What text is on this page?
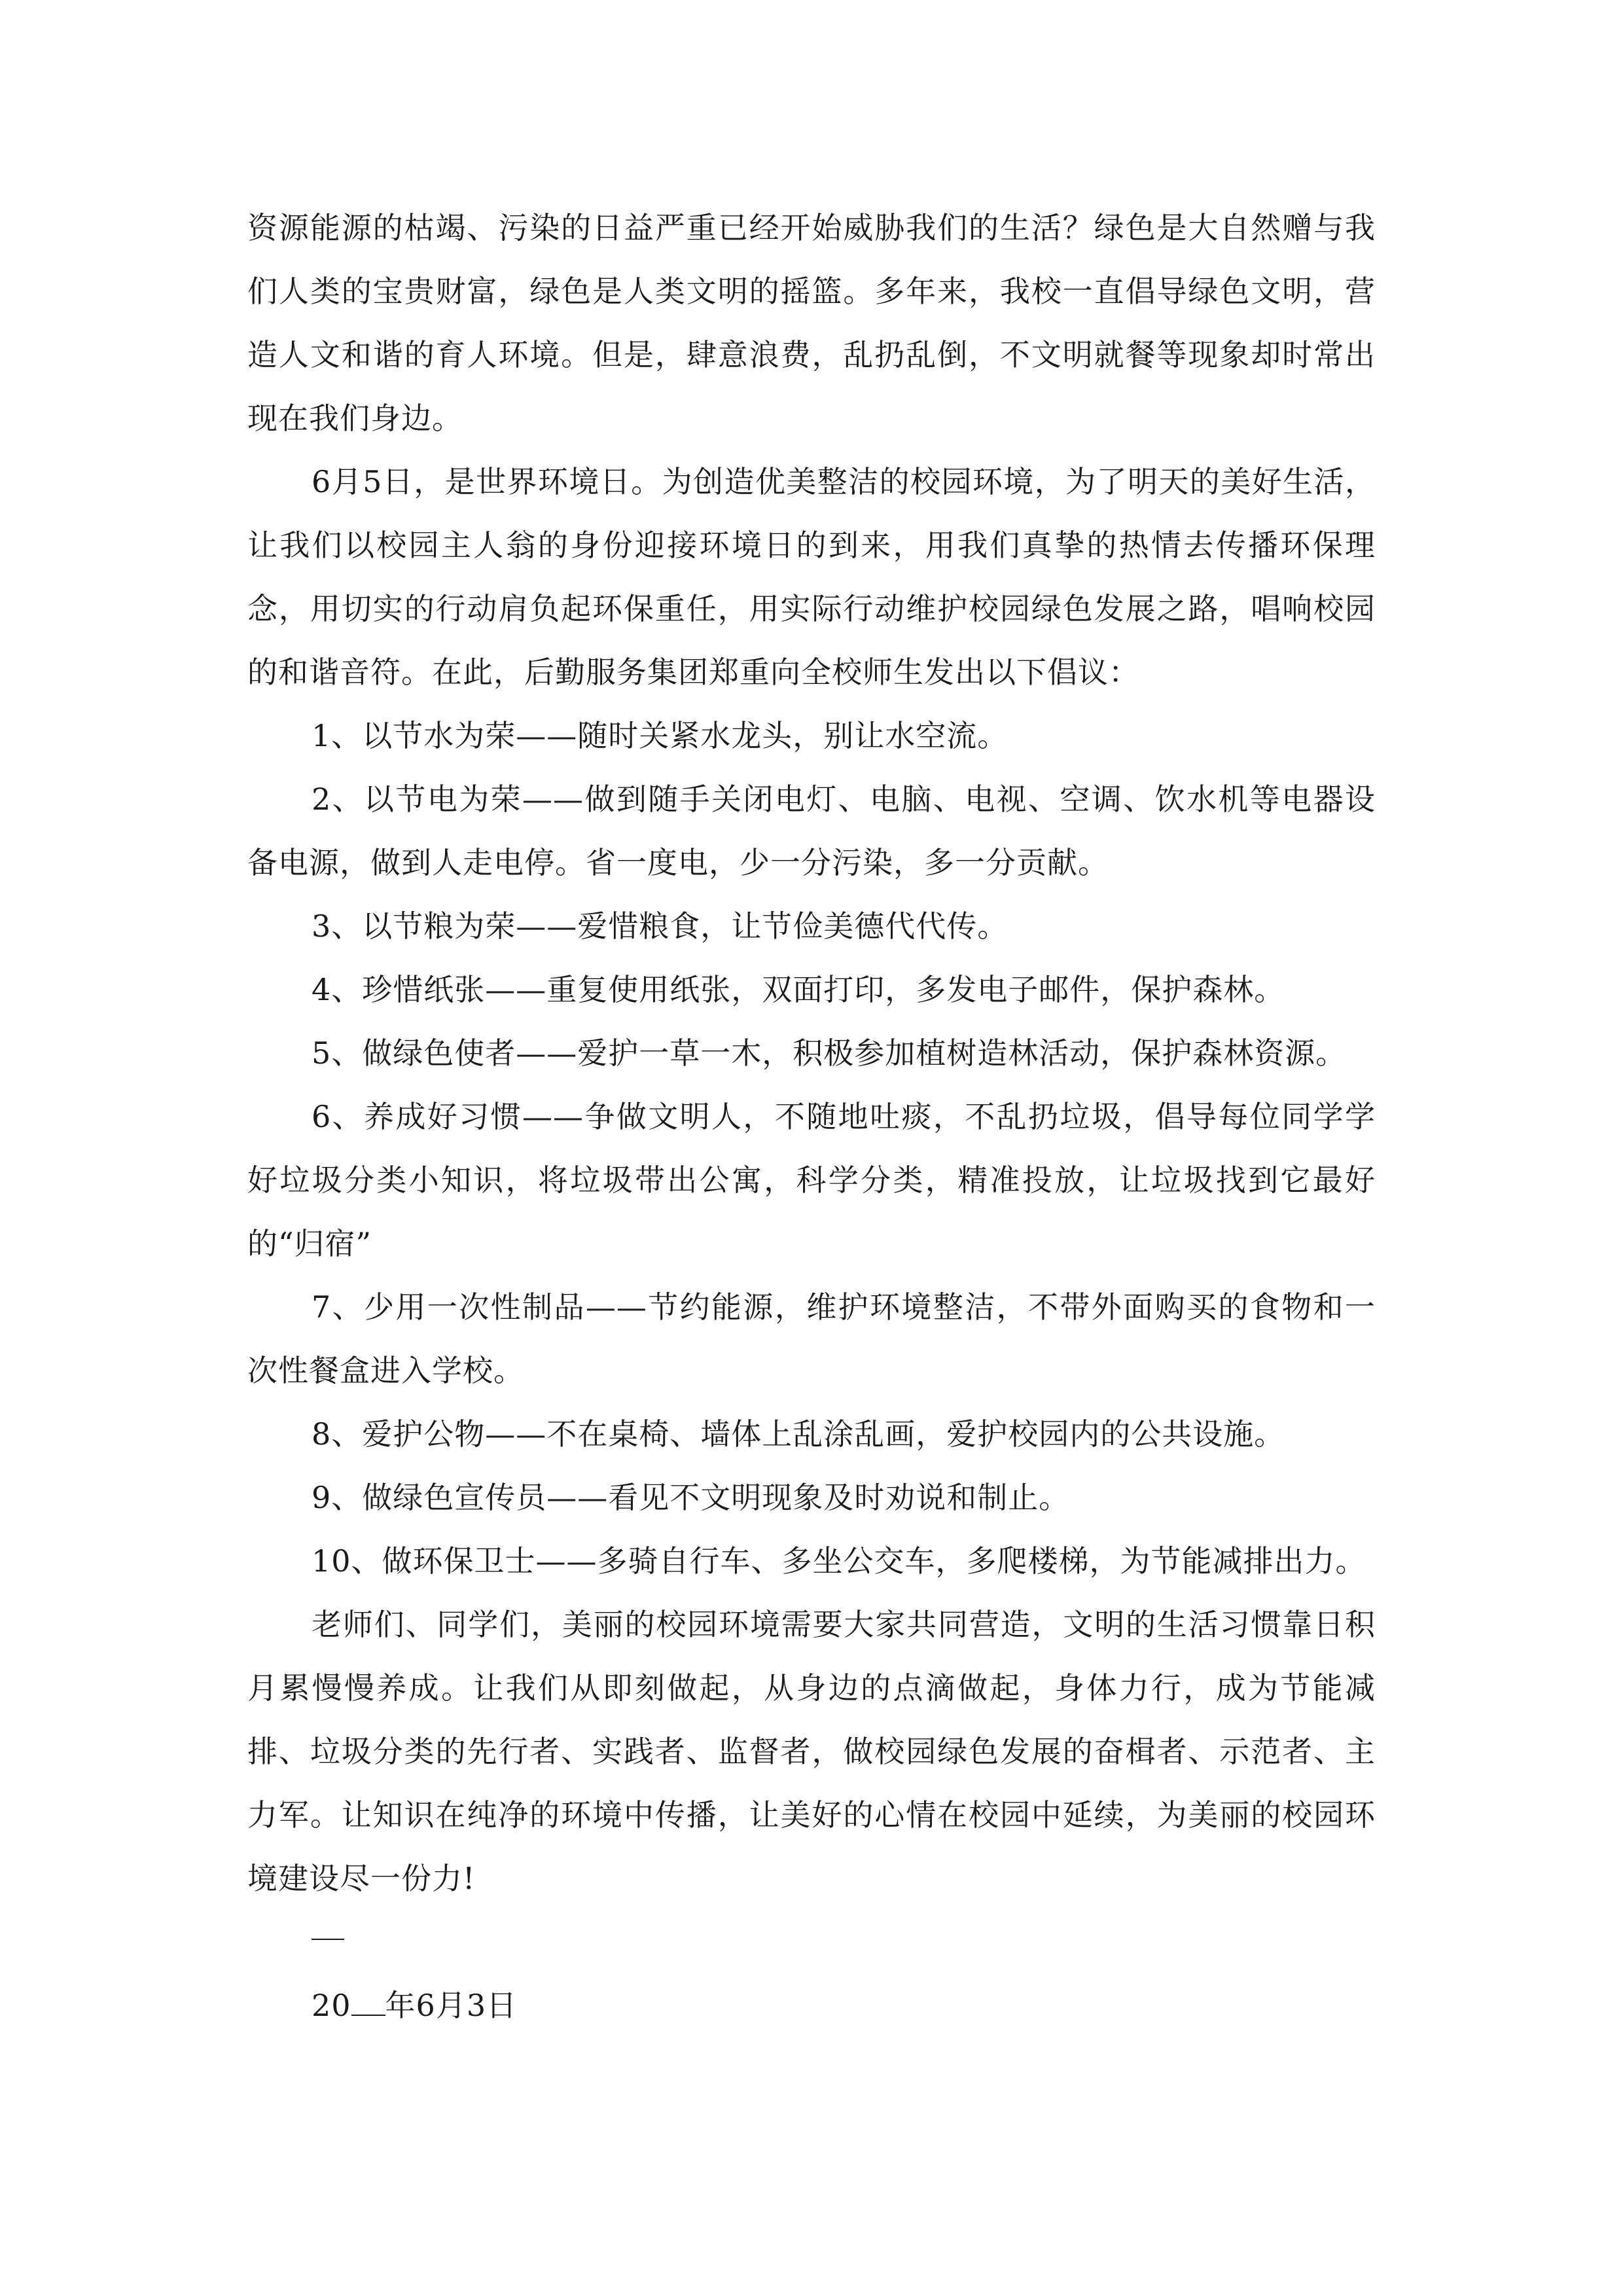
资源能源的枯竭、污染的日益严重已经开始威胁我们的生活？绿色是大自然赠与我们人类的宝贵财富，绿色是人类文明的摇篮。多年来，我校一直倡导绿色文明，营造人文和谐的育人环境。但是，肆意浪费，乱扔乱倒，不文明就餐等现象却时常出现在我们身边。

6月5日，是世界环境日。为创造优美整洁的校园环境，为了明天的美好生活，让我们以校园主人翁的身份迎接环境日的到来，用我们真挚的热情去传播环保理念，用切实的行动肩负起环保重任，用实际行动维护校园绿色发展之路，唱响校园的和谐音符。在此，后勤服务集团郑重向全校师生发出以下倡议：

1、以节水为荣——随时关紧水龙头，别让水空流。

2、以节电为荣——做到随手关闭电灯、电脑、电视、空调、饮水机等电器设备电源，做到人走电停。省一度电，少一分污染，多一分贡献。

3、以节粮为荣——爱惜粮食，让节俭美德代代传。

4、珍惜纸张——重复使用纸张，双面打印，多发电子邮件，保护森林。

5、做绿色使者——爱护一草一木，积极参加植树造林活动，保护森林资源。

6、养成好习惯——争做文明人，不随地吐痰，不乱扔垃圾，倡导每位同学学好垃圾分类小知识，将垃圾带出公寓，科学分类，精准投放，让垃圾找到它最好的“归宿”

7、少用一次性制品——节约能源，维护环境整洁，不带外面购买的食物和一次性餐盒进入学校。

8、爱护公物——不在桌椅、墙体上乱涂乱画，爱护校园内的公共设施。

9、做绿色宣传员——看见不文明现象及时劝说和制止。

10、做环保卫士——多骑自行车、多坐公交车，多爬楼梯，为节能减排出力。

老师们、同学们，美丽的校园环境需要大家共同营造，文明的生活习惯靠日积月累慢慢养成。让我们从即刻做起，从身边的点滴做起，身体力行，成为节能减排、垃圾分类的先行者、实践者、监督者，做校园绿色发展的奋楫者、示范者、主力军。让知识在纯净的环境中传播，让美好的心情在校园中延续，为美丽的校园环境建设尽一份力!

20 年6月3日
